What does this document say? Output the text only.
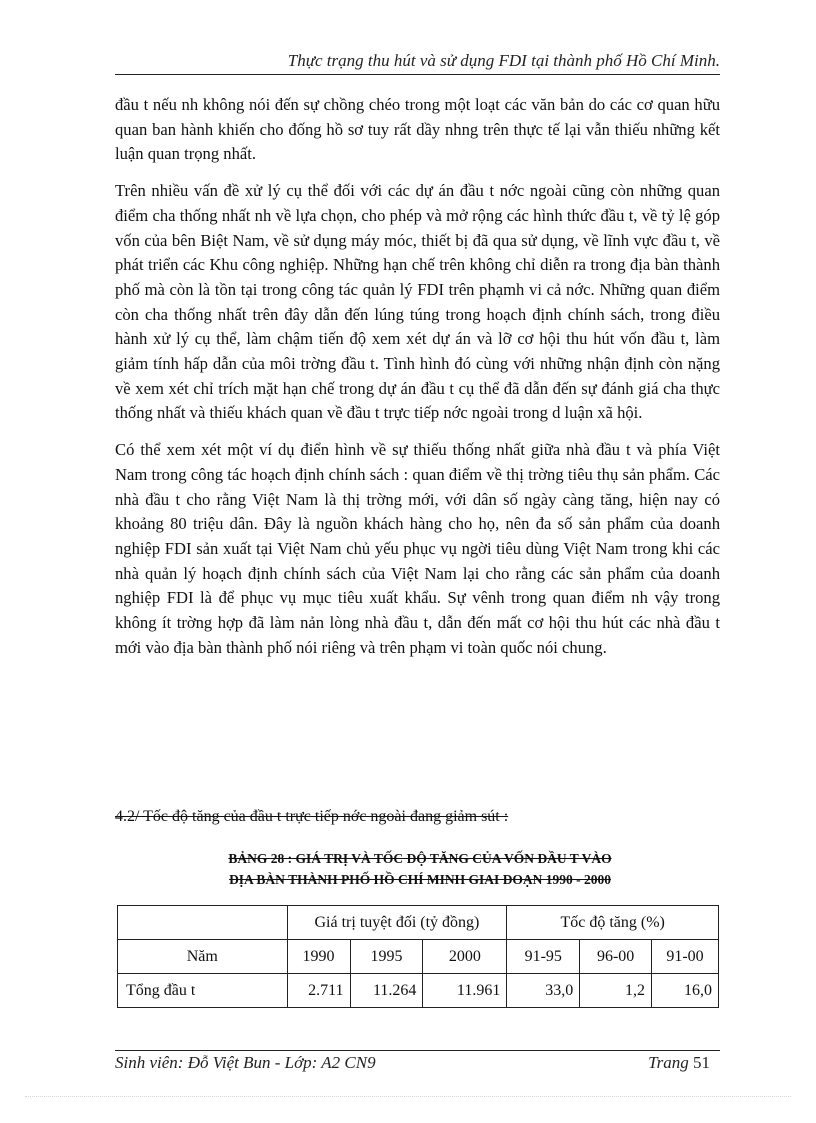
Thực trạng thu hút và sử dụng FDI tại thành phố Hồ Chí Minh.

đầu t nếu nh không nói đến sự chồng chéo trong một loạt các văn bản do các cơ quan hữu quan ban hành khiến cho đống hồ sơ tuy rất dầy nhng trên thực tế lại vẫn thiếu những kết luận quan trọng nhất.

Trên nhiều vấn đề xử lý cụ thể đối với các dự án đầu t nớc ngoài cũng còn những quan điểm cha thống nhất nh về lựa chọn, cho phép và mở rộng các hình thức đầu t, về tỷ lệ góp vốn của bên Biệt Nam, về sử dụng máy móc, thiết bị đã qua sử dụng, về lĩnh vực đầu t, về phát triển các Khu công nghiệp. Những hạn chế trên không chỉ diễn ra trong địa bàn thành phố mà còn là tồn tại trong công tác quản lý FDI trên phạmh vi cả nớc. Những quan điểm còn cha thống nhất trên đây dẫn đến lúng túng trong hoạch định chính sách, trong điều hành xử lý cụ thể, làm chậm tiến độ xem xét dự án và lỡ cơ hội thu hút vốn đầu t, làm giảm tính hấp dẫn của môi trờng đầu t. Tình hình đó cùng với những nhận định còn nặng về xem xét chỉ trích mặt hạn chế trong dự án đầu t cụ thể đã dẫn đến sự đánh giá cha thực thống nhất và thiếu khách quan về đầu t trực tiếp nớc ngoài trong d luận xã hội.

Có thể xem xét một ví dụ điển hình về sự thiếu thống nhất giữa nhà đầu t và phía Việt Nam trong công tác hoạch định chính sách : quan điểm về thị trờng tiêu thụ sản phẩm. Các nhà đầu t cho rằng Việt Nam là thị trờng mới, với dân số ngày càng tăng, hiện nay có khoảng 80 triệu dân. Đây là nguồn khách hàng cho họ, nên đa số sản phẩm của doanh nghiệp FDI sản xuất tại Việt Nam chủ yếu phục vụ ngời tiêu dùng Việt Nam trong khi các nhà quản lý hoạch định chính sách của Việt Nam lại cho rằng các sản phẩm của doanh nghiệp FDI là để phục vụ mục tiêu xuất khẩu. Sự vênh trong quan điểm nh vậy trong không ít trờng hợp đã làm nản lòng nhà đầu t, dẫn đến mất cơ hội thu hút các nhà đầu t mới vào địa bàn thành phố nói riêng và trên phạm vi toàn quốc nói chung.

4.2/ Tốc độ tăng của đầu t trực tiếp nớc ngoài đang giảm sút :
BẢNG 28 : GIÁ TRỊ VÀ TỐC ĐỘ TĂNG CỦA VỐN ĐẦU T VÀO
ĐỊA BÀN THÀNH PHỐ HỒ CHÍ MINH GIAI ĐOẠN 1990 - 2000
	Giá trị tuyệt đối (tỷ đồng)			Tốc độ tăng (%)		
Năm	1990	1995	2000	91-95	96-00	91-00
Tổng đầu t	2.711	11.264	11.961	33,0	1,2	16,0
Sinh viên: Đỗ Việt Bun - Lớp: A2 CN9	Trang 51
